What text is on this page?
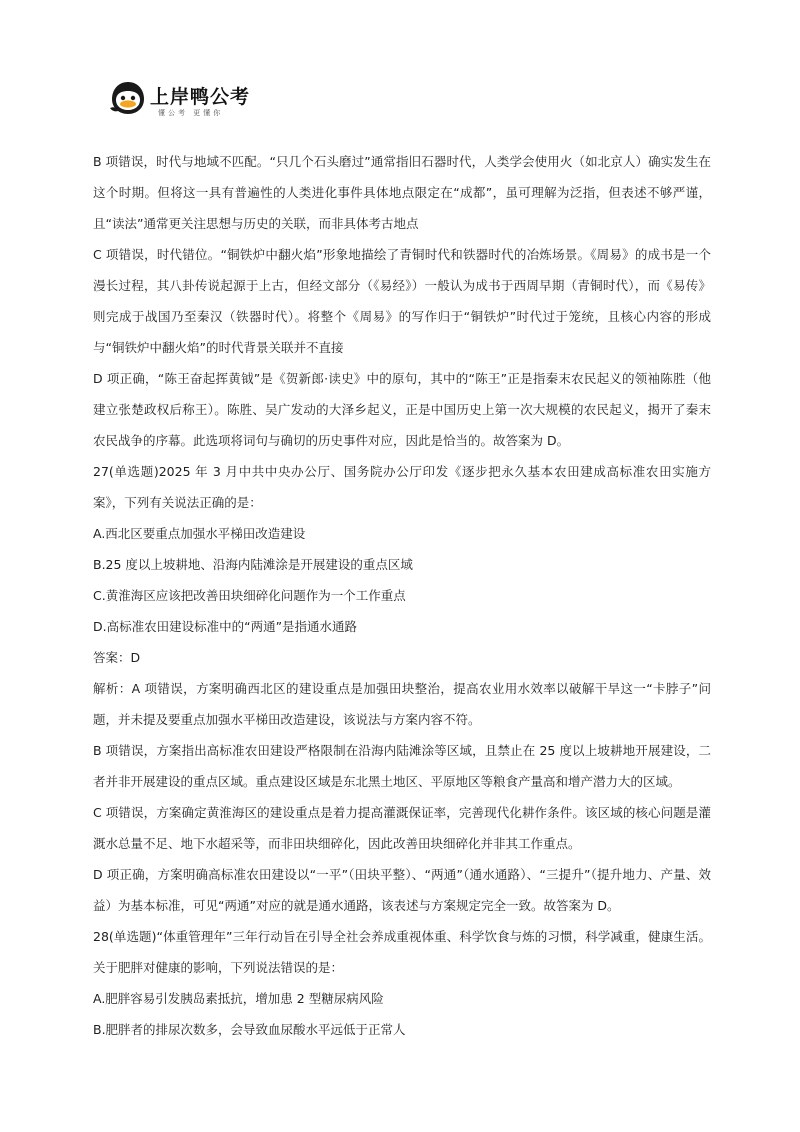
上岸鸭公考
懂公考 更懂你

B 项错误，时代与地域不匹配。“只几个石头磨过”通常指旧石器时代，人类学会使用火（如北京人）确实发生在这个时期。但将这一具有普遍性的人类进化事件具体地点限定在“成都”，虽可理解为泛指，但表述不够严谨，且“读法”通常更关注思想与历史的关联，而非具体考古地点

C 项错误，时代错位。“铜铁炉中翻火焰”形象地描绘了青铜时代和铁器时代的冶炼场景。《周易》的成书是一个漫长过程，其八卦传说起源于上古，但经文部分（《易经》）一般认为成书于西周早期（青铜时代），而《易传》则完成于战国乃至秦汉（铁器时代）。将整个《周易》的写作归于“铜铁炉”时代过于笼统，且核心内容的形成与“铜铁炉中翻火焰”的时代背景关联并不直接

D 项正确，“陈王奋起挥黄钺”是《贺新郎·读史》中的原句，其中的“陈王”正是指秦末农民起义的领袖陈胜（他建立张楚政权后称王）。陈胜、吴广发动的大泽乡起义，正是中国历史上第一次大规模的农民起义，揭开了秦末农民战争的序幕。此选项将词句与确切的历史事件对应，因此是恰当的。故答案为 D。

27(单选题)2025 年 3 月中共中央办公厅、国务院办公厅印发《逐步把永久基本农田建成高标准农田实施方案》，下列有关说法正确的是：

A.西北区要重点加强水平梯田改造建设

B.25 度以上坡耕地、沿海内陆滩涂是开展建设的重点区域

C.黄淮海区应该把改善田块细碎化问题作为一个工作重点

D.高标准农田建设标准中的“两通”是指通水通路

答案：D

解析：A 项错误，方案明确西北区的建设重点是加强田块整治，提高农业用水效率以破解干旱这一“卡脖子”问题，并未提及要重点加强水平梯田改造建设，该说法与方案内容不符。

B 项错误，方案指出高标准农田建设严格限制在沿海内陆滩涂等区域，且禁止在 25 度以上坡耕地开展建设，二者并非开展建设的重点区域。重点建设区域是东北黑土地区、平原地区等粮食产量高和增产潜力大的区域。

C 项错误，方案确定黄淮海区的建设重点是着力提高灌溉保证率，完善现代化耕作条件。该区域的核心问题是灌溉水总量不足、地下水超采等，而非田块细碎化，因此改善田块细碎化并非其工作重点。

D 项正确，方案明确高标准农田建设以“一平”（田块平整）、“两通”（通水通路）、“三提升”（提升地力、产量、效益）为基本标准，可见“两通”对应的就是通水通路，该表述与方案规定完全一致。故答案为 D。

28(单选题)“体重管理年”三年行动旨在引导全社会养成重视体重、科学饮食与炼的习惯，科学减重，健康生活。关于肥胖对健康的影响，下列说法错误的是：

A.肥胖容易引发胰岛素抵抗，增加患 2 型糖尿病风险

B.肥胖者的排尿次数多，会导致血尿酸水平远低于正常人
